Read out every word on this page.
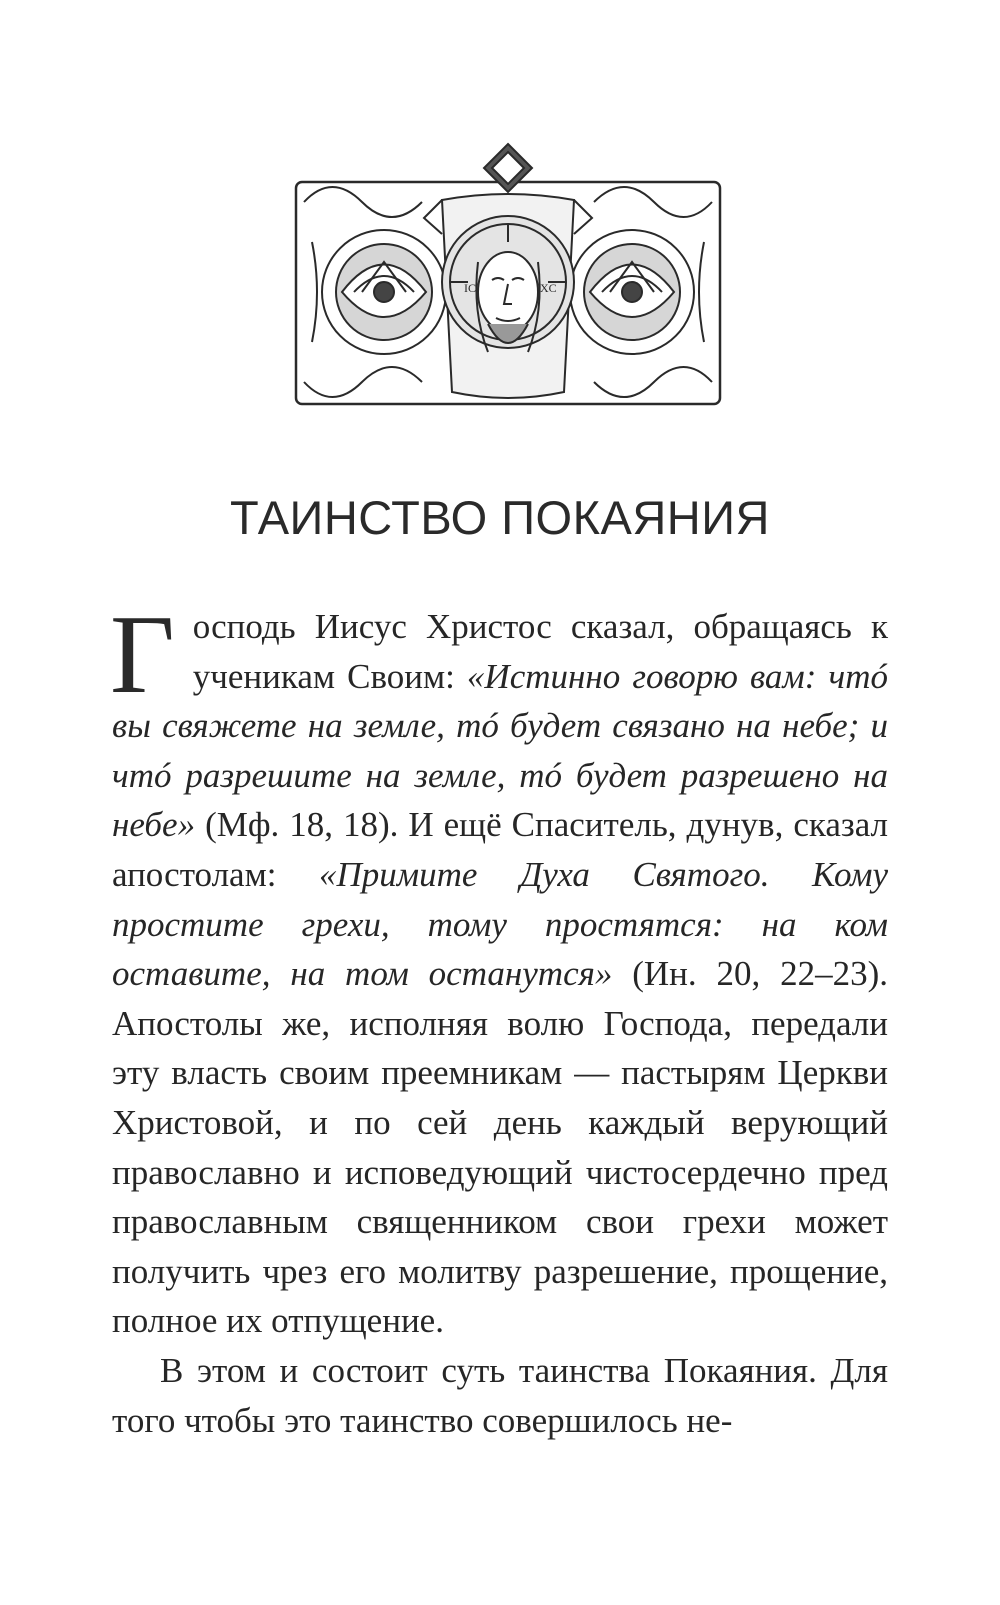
IC	XC
ТАИНСТВО ПОКАЯНИЯ

Господь Иисус Христос сказал, обращаясь к ученикам Своим: «Истинно говорю вам: чтó вы свяжете на земле, тó будет связано на небе; и чтó разрешите на земле, тó будет разрешено на небе» (Мф. 18, 18). И ещё Спаситель, дунув, сказал апостолам: «Примите Духа Святого. Кому простите грехи, тому простятся: на ком оставите, на том останутся» (Ин. 20, 22–23). Апостолы же, исполняя волю Господа, передали эту власть своим преемникам — пастырям Церкви Христовой, и по сей день каждый верующий православно и исповедующий чистосердечно пред православным священником свои грехи может получить чрез его молитву разрешение, прощение, полное их отпущение.

В этом и состоит суть таинства Покаяния. Для того чтобы это таинство совершилось не-
